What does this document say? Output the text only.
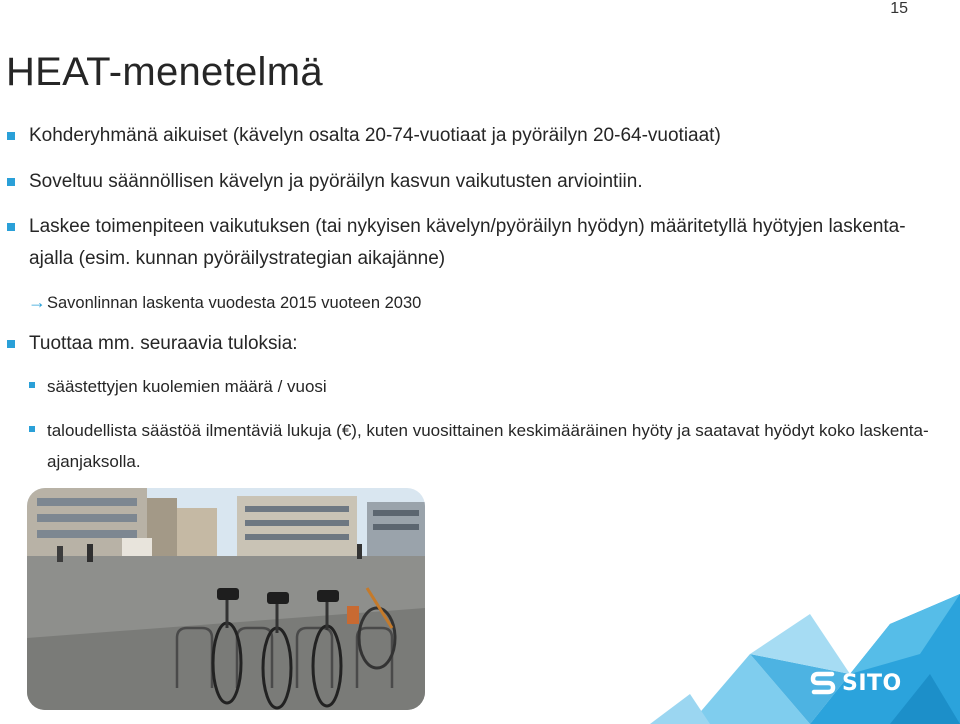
15
HEAT-menetelmä
Kohderyhmänä aikuiset (kävelyn osalta 20-74-vuotiaat ja pyöräilyn 20-64-vuotiaat)
Soveltuu säännöllisen kävelyn ja pyöräilyn kasvun vaikutusten arviointiin.
Laskee toimenpiteen vaikutuksen (tai nykyisen kävelyn/pyöräilyn hyödyn) määritetyllä hyötyjen laskenta-ajalla (esim. kunnan pyöräilystrategian aikajänne)
→Savonlinnan laskenta vuodesta 2015 vuoteen 2030
Tuottaa mm. seuraavia tuloksia:
säästettyjen kuolemien määrä / vuosi
taloudellista säästöä ilmentäviä lukuja (€), kuten vuosittainen keskimääräinen hyöty ja saatavat hyödyt koko laskenta-ajanjaksolla.
SITO
